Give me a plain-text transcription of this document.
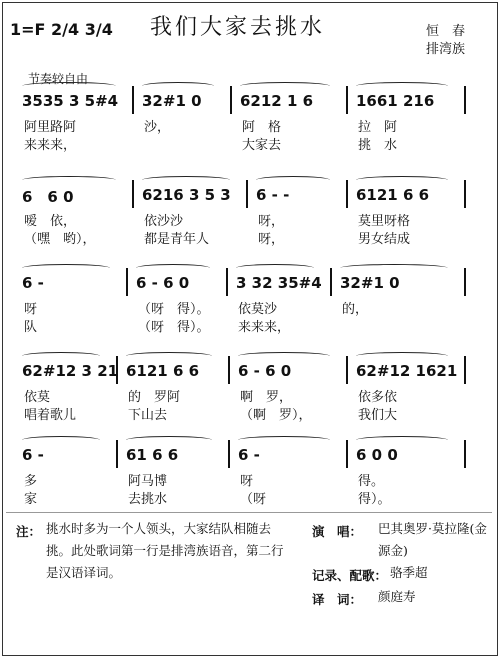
1=F 2/4 3/4 我们大家去挑水	恒　春
排湾族
节奏较自由
3535 3 5#4
阿里路阿
来来来，
32#1 0
沙，
6212 1 6
阿　格
大家去
1661 216
拉　阿
挑　水
6　6 0
嗳　依，
（嘿　哟），
6216 3 5 3
依沙沙
都是青年人
6 - -
呀，
呀，
6121 6 6
莫里呀格
男女结成
6 -
呀
队
6 - 6 0
（呀　得）。
（呀　得）。
3 32 35#4
依莫沙
来来来，
32#1 0
的，
62#12 3 21
依莫
唱着歌儿
6121 6 6
的　罗阿
下山去
6 - 6 0
啊　罗，
（啊　罗），
62#12 1621
依多依
我们大
6 -
多
家
61 6 6
阿马博
去挑水
6 -
呀
（呀
6 0 0
得。
得）。
注： 挑水时多为一个人领头，大家结队相随去挑。此处歌词第一行是排湾族语音，第二行是汉语译词。
演　唱： 巴其奥罗·莫拉隆(金源金)
记录、配歌： 骆季超
译　词： 颜庭寿
